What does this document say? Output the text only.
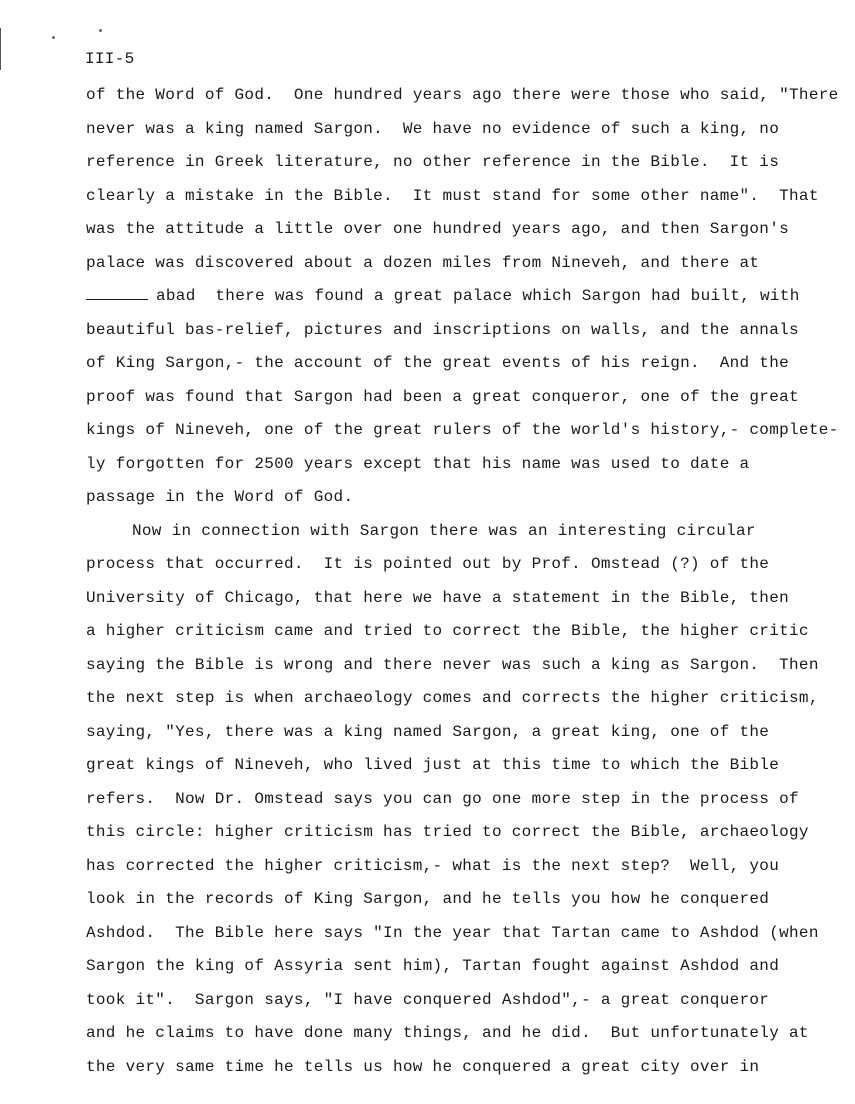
III-5
of the Word of God.  One hundred years ago there were those who said, "There
never was a king named Sargon.  We have no evidence of such a king, no
reference in Greek literature, no other reference in the Bible.  It is
clearly a mistake in the Bible.  It must stand for some other name".  That
was the attitude a little over one hundred years ago, and then Sargon's
palace was discovered about a dozen miles from Nineveh, and there at
abad  there was found a great palace which Sargon had built, with
beautiful bas-relief, pictures and inscriptions on walls, and the annals
of King Sargon,- the account of the great events of his reign.  And the
proof was found that Sargon had been a great conqueror, one of the great
kings of Nineveh, one of the great rulers of the world's history,- complete-
ly forgotten for 2500 years except that his name was used to date a
passage in the Word of God.
Now in connection with Sargon there was an interesting circular
process that occurred.  It is pointed out by Prof. Omstead (?) of the
University of Chicago, that here we have a statement in the Bible, then
a higher criticism came and tried to correct the Bible, the higher critic
saying the Bible is wrong and there never was such a king as Sargon.  Then
the next step is when archaeology comes and corrects the higher criticism,
saying, "Yes, there was a king named Sargon, a great king, one of the
great kings of Nineveh, who lived just at this time to which the Bible
refers.  Now Dr. Omstead says you can go one more step in the process of
this circle: higher criticism has tried to correct the Bible, archaeology
has corrected the higher criticism,- what is the next step?  Well, you
look in the records of King Sargon, and he tells you how he conquered
Ashdod.  The Bible here says "In the year that Tartan came to Ashdod (when
Sargon the king of Assyria sent him), Tartan fought against Ashdod and
took it".  Sargon says, "I have conquered Ashdod",- a great conqueror
and he claims to have done many things, and he did.  But unfortunately at
the very same time he tells us how he conquered a great city over in
